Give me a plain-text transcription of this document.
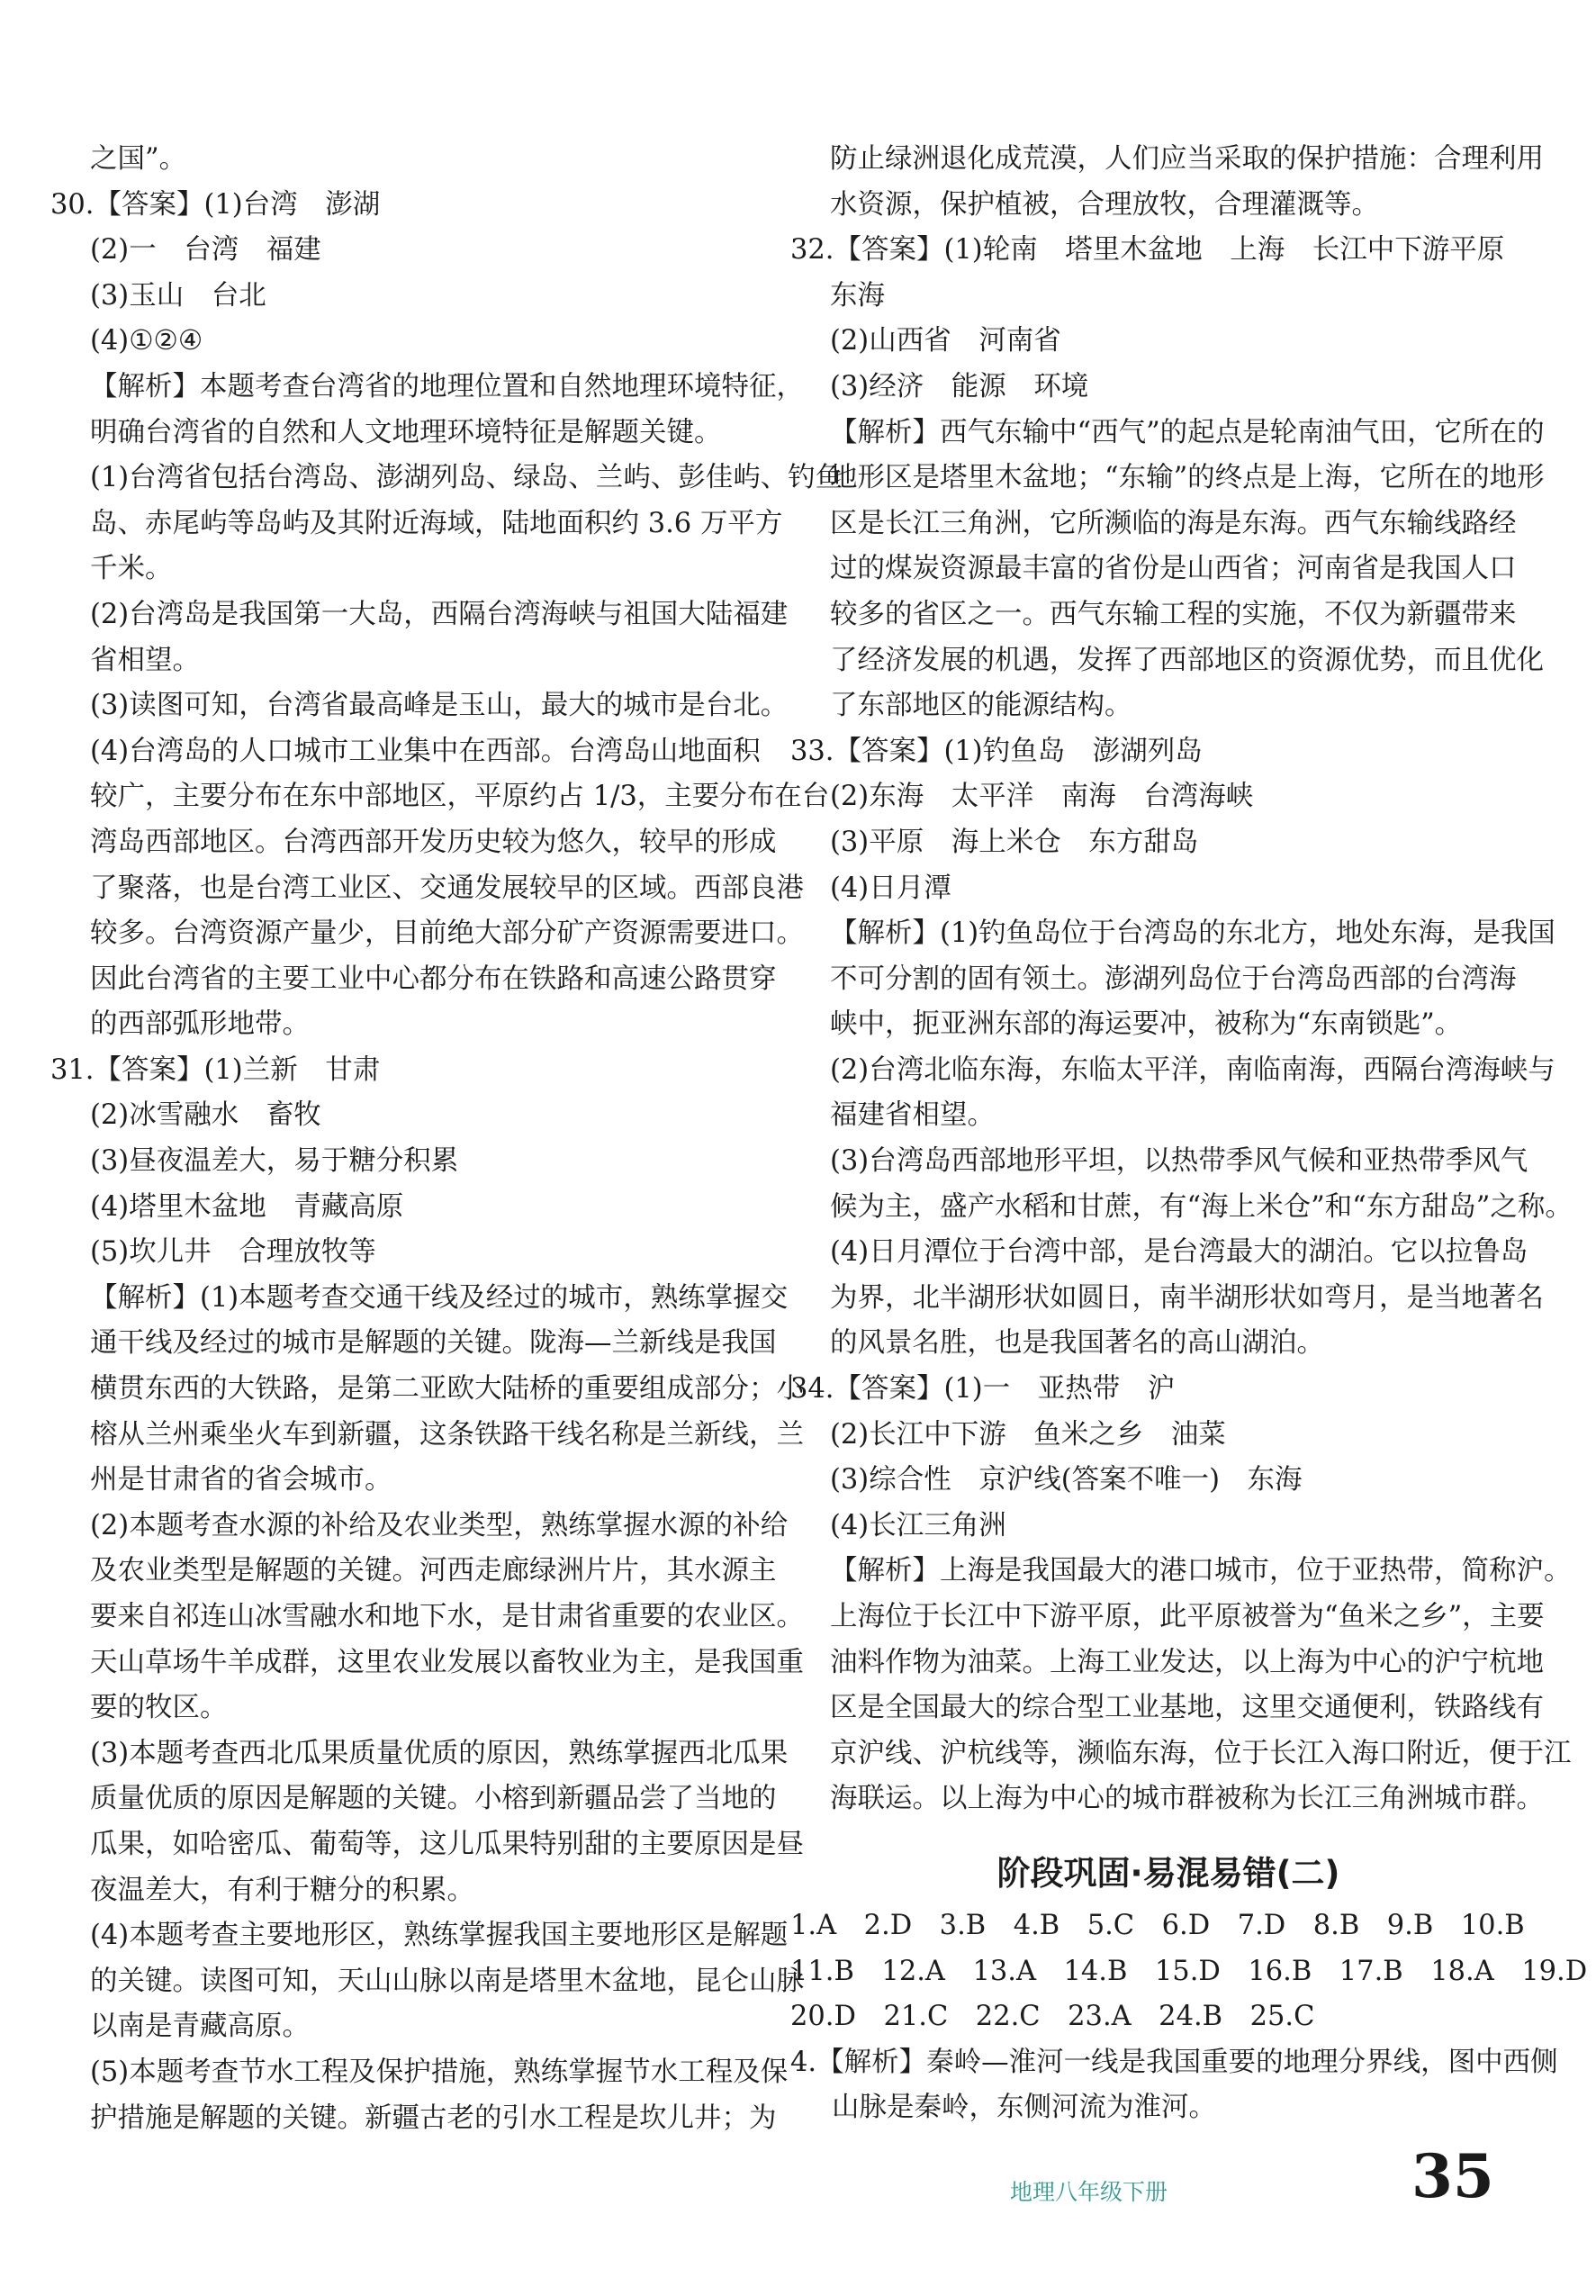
之国”。
30.【答案】(1)台湾　澎湖
(2)一　台湾　福建
(3)玉山　台北
(4)①②④
【解析】本题考查台湾省的地理位置和自然地理环境特征，
明确台湾省的自然和人文地理环境特征是解题关键。
(1)台湾省包括台湾岛、澎湖列岛、绿岛、兰屿、彭佳屿、钓鱼
岛、赤尾屿等岛屿及其附近海域，陆地面积约 3.6 万平方
千米。
(2)台湾岛是我国第一大岛，西隔台湾海峡与祖国大陆福建
省相望。
(3)读图可知，台湾省最高峰是玉山，最大的城市是台北。
(4)台湾岛的人口城市工业集中在西部。台湾岛山地面积
较广，主要分布在东中部地区，平原约占 1/3，主要分布在台
湾岛西部地区。台湾西部开发历史较为悠久，较早的形成
了聚落，也是台湾工业区、交通发展较早的区域。西部良港
较多。台湾资源产量少，目前绝大部分矿产资源需要进口。
因此台湾省的主要工业中心都分布在铁路和高速公路贯穿
的西部弧形地带。
31.【答案】(1)兰新　甘肃
(2)冰雪融水　畜牧
(3)昼夜温差大，易于糖分积累
(4)塔里木盆地　青藏高原
(5)坎儿井　合理放牧等
【解析】(1)本题考查交通干线及经过的城市，熟练掌握交
通干线及经过的城市是解题的关键。陇海—兰新线是我国
横贯东西的大铁路，是第二亚欧大陆桥的重要组成部分；小
榕从兰州乘坐火车到新疆，这条铁路干线名称是兰新线，兰
州是甘肃省的省会城市。
(2)本题考查水源的补给及农业类型，熟练掌握水源的补给
及农业类型是解题的关键。河西走廊绿洲片片，其水源主
要来自祁连山冰雪融水和地下水，是甘肃省重要的农业区。
天山草场牛羊成群，这里农业发展以畜牧业为主，是我国重
要的牧区。
(3)本题考查西北瓜果质量优质的原因，熟练掌握西北瓜果
质量优质的原因是解题的关键。小榕到新疆品尝了当地的
瓜果，如哈密瓜、葡萄等，这儿瓜果特别甜的主要原因是昼
夜温差大，有利于糖分的积累。
(4)本题考查主要地形区，熟练掌握我国主要地形区是解题
的关键。读图可知，天山山脉以南是塔里木盆地，昆仑山脉
以南是青藏高原。
(5)本题考查节水工程及保护措施，熟练掌握节水工程及保
护措施是解题的关键。新疆古老的引水工程是坎儿井；为
防止绿洲退化成荒漠，人们应当采取的保护措施：合理利用
水资源，保护植被，合理放牧，合理灌溉等。
32.【答案】(1)轮南　塔里木盆地　上海　长江中下游平原
东海
(2)山西省　河南省
(3)经济　能源　环境
【解析】西气东输中“西气”的起点是轮南油气田，它所在的
地形区是塔里木盆地；“东输”的终点是上海，它所在的地形
区是长江三角洲，它所濒临的海是东海。西气东输线路经
过的煤炭资源最丰富的省份是山西省；河南省是我国人口
较多的省区之一。西气东输工程的实施，不仅为新疆带来
了经济发展的机遇，发挥了西部地区的资源优势，而且优化
了东部地区的能源结构。
33.【答案】(1)钓鱼岛　澎湖列岛
(2)东海　太平洋　南海　台湾海峡
(3)平原　海上米仓　东方甜岛
(4)日月潭
【解析】(1)钓鱼岛位于台湾岛的东北方，地处东海，是我国
不可分割的固有领土。澎湖列岛位于台湾岛西部的台湾海
峡中，扼亚洲东部的海运要冲，被称为“东南锁匙”。
(2)台湾北临东海，东临太平洋，南临南海，西隔台湾海峡与
福建省相望。
(3)台湾岛西部地形平坦，以热带季风气候和亚热带季风气
候为主，盛产水稻和甘蔗，有“海上米仓”和“东方甜岛”之称。
(4)日月潭位于台湾中部，是台湾最大的湖泊。它以拉鲁岛
为界，北半湖形状如圆日，南半湖形状如弯月，是当地著名
的风景名胜，也是我国著名的高山湖泊。
34.【答案】(1)一　亚热带　沪
(2)长江中下游　鱼米之乡　油菜
(3)综合性　京沪线(答案不唯一)　东海
(4)长江三角洲
【解析】上海是我国最大的港口城市，位于亚热带，简称沪。
上海位于长江中下游平原，此平原被誉为“鱼米之乡”，主要
油料作物为油菜。上海工业发达，以上海为中心的沪宁杭地
区是全国最大的综合型工业基地，这里交通便利，铁路线有
京沪线、沪杭线等，濒临东海，位于长江入海口附近，便于江
海联运。以上海为中心的城市群被称为长江三角洲城市群。
阶段巩固·易混易错(二)
1.A　2.D　3.B　4.B　5.C　6.D　7.D　8.B　9.B　10.B
11.B　12.A　13.A　14.B　15.D　16.B　17.B　18.A　19.D
20.D　21.C　22.C　23.A　24.B　25.C
4.【解析】秦岭—淮河一线是我国重要的地理分界线，图中西侧
山脉是秦岭，东侧河流为淮河。
地理八年级下册	35
